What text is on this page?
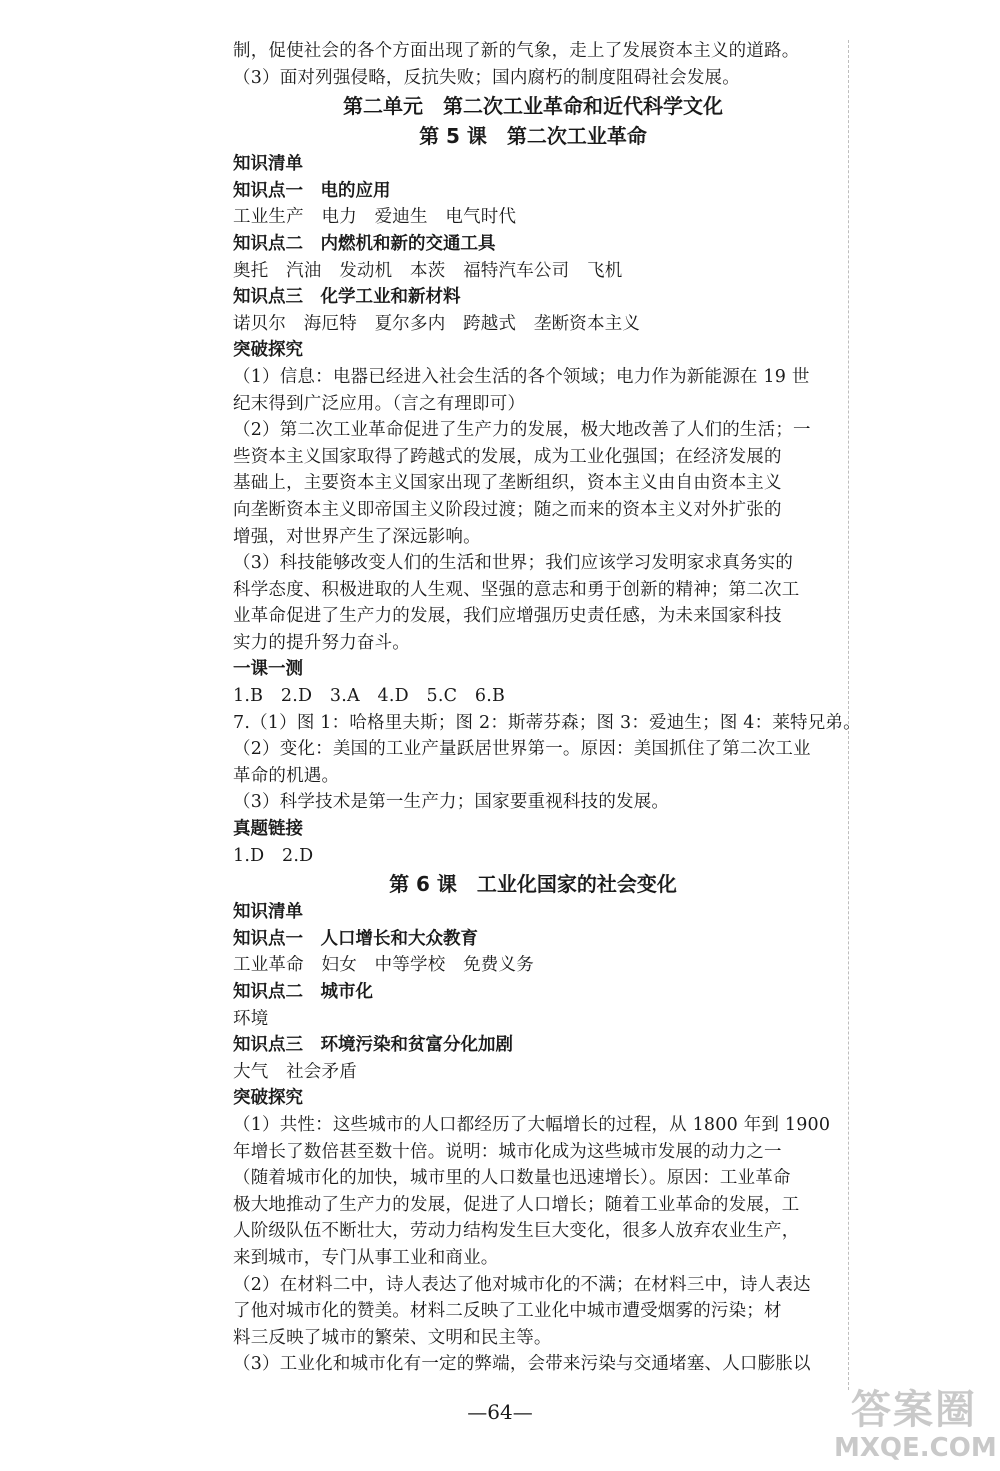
制，促使社会的各个方面出现了新的气象，走上了发展资本主义的道路。
（3）面对列强侵略，反抗失败；国内腐朽的制度阻碍社会发展。
第二单元　第二次工业革命和近代科学文化
第 5 课　第二次工业革命
知识清单
知识点一　电的应用
工业生产　电力　爱迪生　电气时代
知识点二　内燃机和新的交通工具
奥托　汽油　发动机　本茨　福特汽车公司　飞机
知识点三　化学工业和新材料
诺贝尔　海厄特　夏尔多内　跨越式　垄断资本主义
突破探究
（1）信息：电器已经进入社会生活的各个领域；电力作为新能源在 19 世
纪末得到广泛应用。（言之有理即可）
（2）第二次工业革命促进了生产力的发展，极大地改善了人们的生活；一
些资本主义国家取得了跨越式的发展，成为工业化强国；在经济发展的
基础上，主要资本主义国家出现了垄断组织，资本主义由自由资本主义
向垄断资本主义即帝国主义阶段过渡；随之而来的资本主义对外扩张的
增强，对世界产生了深远影响。
（3）科技能够改变人们的生活和世界；我们应该学习发明家求真务实的
科学态度、积极进取的人生观、坚强的意志和勇于创新的精神；第二次工
业革命促进了生产力的发展，我们应增强历史责任感，为未来国家科技
实力的提升努力奋斗。
一课一测
1.B　2.D　3.A　4.D　5.C　6.B
7.（1）图 1：哈格里夫斯；图 2：斯蒂芬森；图 3：爱迪生；图 4：莱特兄弟。
（2）变化：美国的工业产量跃居世界第一。原因：美国抓住了第二次工业
革命的机遇。
（3）科学技术是第一生产力；国家要重视科技的发展。
真题链接
1.D　2.D
第 6 课　工业化国家的社会变化
知识清单
知识点一　人口增长和大众教育
工业革命　妇女　中等学校　免费义务
知识点二　城市化
环境
知识点三　环境污染和贫富分化加剧
大气　社会矛盾
突破探究
（1）共性：这些城市的人口都经历了大幅增长的过程，从 1800 年到 1900
年增长了数倍甚至数十倍。说明：城市化成为这些城市发展的动力之一
（随着城市化的加快，城市里的人口数量也迅速增长）。原因：工业革命
极大地推动了生产力的发展，促进了人口增长；随着工业革命的发展，工
人阶级队伍不断壮大，劳动力结构发生巨大变化，很多人放弃农业生产，
来到城市，专门从事工业和商业。
（2）在材料二中，诗人表达了他对城市化的不满；在材料三中，诗人表达
了他对城市化的赞美。材料二反映了工业化中城市遭受烟雾的污染；材
料三反映了城市的繁荣、文明和民主等。
（3）工业化和城市化有一定的弊端，会带来污染与交通堵塞、人口膨胀以
—64—	答案圈
MXQE.COM
